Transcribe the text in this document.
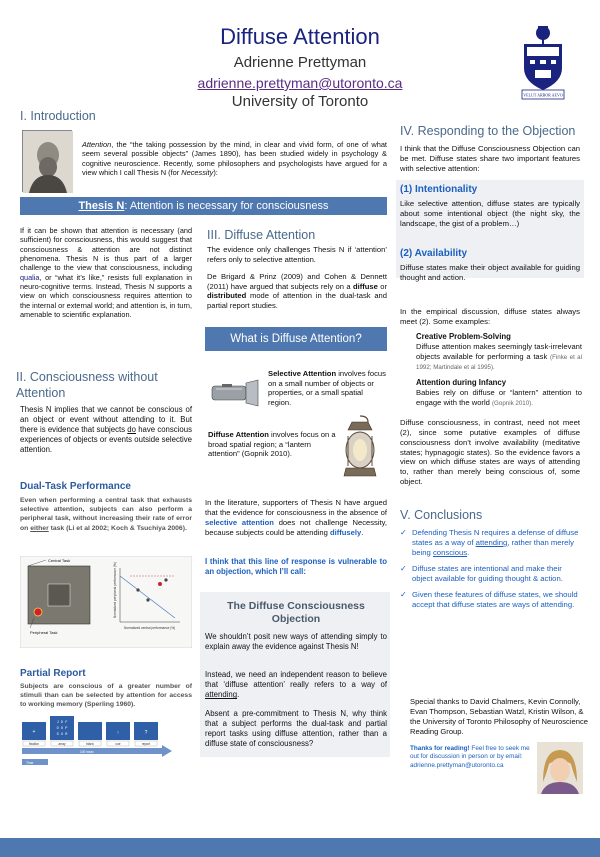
Diffuse Attention
Adrienne Prettyman
adrienne.prettyman@utoronto.ca
University of Toronto	VELUT ARBOR AEVO
I. Introduction

Attention, the “the taking possession by the mind, in clear and vivid form, of one of what seem several possible objects” (James 1890), has been studied widely in psychology & cognitive neuroscience. Recently, some philosophers and psychologists have argued for a view which I call Thesis N (for Necessity):

Thesis N: Attention is necessary for consciousness

If it can be shown that attention is necessary (and sufficient) for consciousness, this would suggest that consciousness & attention are not distinct phenomena. Thesis N is thus part of a larger challenge to the view that consciousness, including qualia, or “what it’s like,” resists full explanation in neuro-cognitive terms. Instead, Thesis N supports a view on which consciousness requires attention to the internal or external world; and attention is, in turn, amenable to scientific explanation.

II. Consciousness without Attention

Thesis N implies that we cannot be conscious of an object or event without attending to it. But there is evidence that subjects do have conscious experiences of objects or events outside selective attention.

Dual-Task Performance

Even when performing a central task that exhausts selective attention, subjects can also perform a peripheral task, without increasing their rate of error on either task (Li et al 2002; Koch & Tsuchiya 2006).

Central Task
Peripheral Task
Normalized peripheral performance (%)
Normalized central performance (%)
Partial Report

Subjects are conscious of a greater number of stimuli than can be selected by attention for access to working memory (Sperling 1960).

+
J D F
D O P
S U R	↑	?
fixation	array	blank	cue	report
100 msec
Time
III. Diffuse Attention

The evidence only challenges Thesis N if ‘attention’ refers only to selective attention.

De Brigard & Prinz (2009) and Cohen & Dennett (2011) have argued that subjects rely on a diffuse or distributed mode of attention in the dual-task and partial report studies.

What is Diffuse Attention?

Selective Attention involves focus on a small number of objects or properties, or a small spatial region.

Diffuse Attention involves focus on a broad spatial region; a “lantern attention” (Gopnik 2010).

In the literature, supporters of Thesis N have argued that the evidence for consciousness in the absence of selective attention does not challenge Necessity, because subjects could be attending diffusely.

I think that this line of response is vulnerable to an objection, which I’ll call:

The Diffuse Consciousness Objection

We shouldn’t posit new ways of attending simply to explain away the evidence against Thesis N!

Instead, we need an independent reason to believe that ‘diffuse attention’ really refers to a way of attending.

Absent a pre-commitment to Thesis N, why think that a subject performs the dual-task and partial report tasks using diffuse attention, rather than a diffuse state of consciousness?

IV. Responding to the Objection

I think that the Diffuse Consciousness Objection can be met. Diffuse states share two important features with selective attention:

(1) Intentionality

Like selective attention, diffuse states are typically about some intentional object (the night sky, the landscape, the gist of a problem…)

(2) Availability

Diffuse states make their object available for guiding thought and action.

In the empirical discussion, diffuse states always meet (2). Some examples:

Creative Problem-Solving

Diffuse attention makes seemingly task-irrelevant objects available for performing a task (Finke et al 1992; Martindale et al 1995).

Attention during Infancy

Babies rely on diffuse or “lantern” attention to engage with the world (Gopnik 2010).

Diffuse consciousness, in contrast, need not meet (2), since some putative examples of diffuse consciousness don’t involve availability (meditative states; hypnagogic states). So the evidence favors a view on which diffuse states are ways of attending to, rather than merely being conscious of, some object.

V. Conclusions
✓ Defending Thesis N requires a defense of diffuse states as a way of attending, rather than merely being conscious.

✓ Diffuse states are intentional and make their object available for guiding thought & action.

✓ Given these features of diffuse states, we should accept that diffuse states are ways of attending.

Special thanks to David Chalmers, Kevin Connolly, Evan Thompson, Sebastian Watzl, Kristin Wilson, & the University of Toronto Philosophy of Neuroscience Reading Group.

Thanks for reading! Feel free to seek me out for discussion in person or by email:
adrienne.prettyman@utoronto.ca
